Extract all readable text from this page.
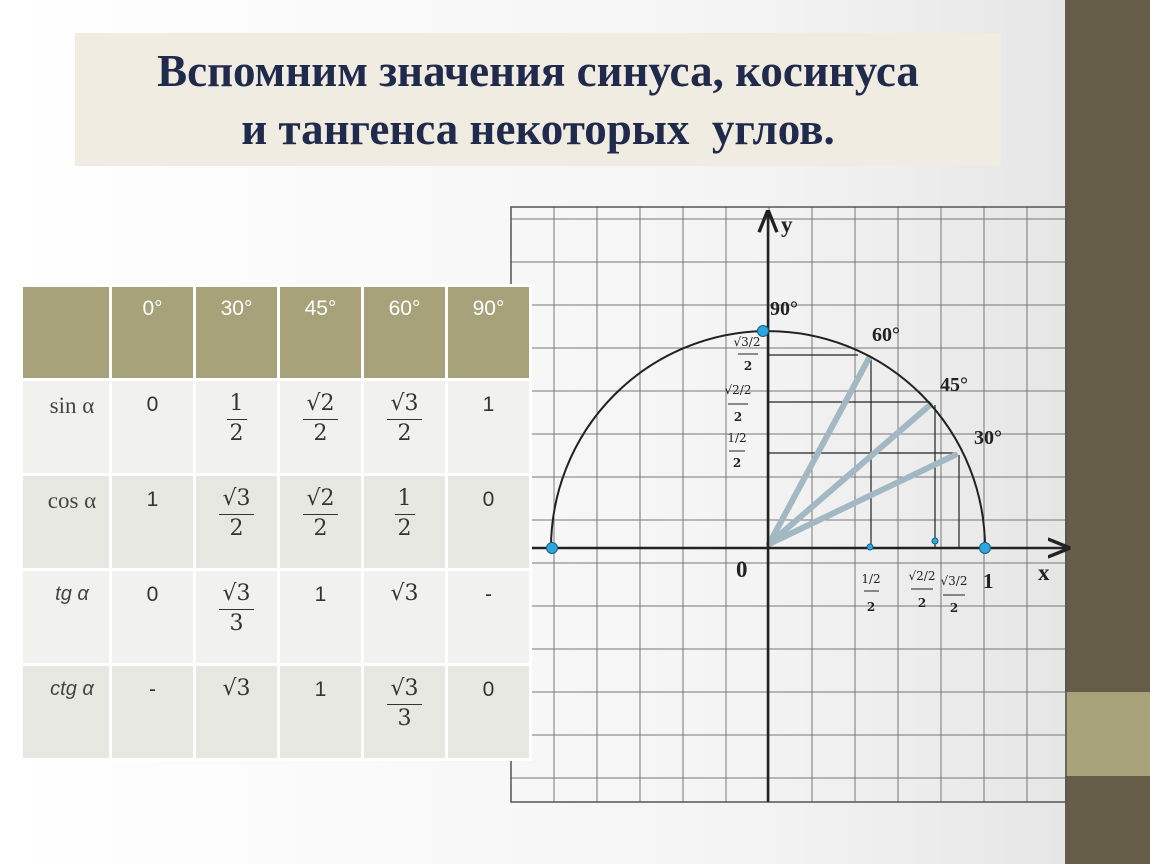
Вспомним значения синуса, косинуса
и тангенса некоторых  углов.
y
x
0	1
90°
60°
45°
30°
√3/2
√2/2
1/2
2
2
2
1/2 √2/2 √3/2
2	2 2

	0°	30°	45°	60°	90°

sin α	0	$\frac{1}{2}$	$\frac{√2}{2}$	$\frac{√3}{2}$	1

cos α	1	$\frac{√3}{2}$	$\frac{√2}{2}$	$\frac{1}{2}$	0

tg α	0	$\frac{√3}{3}$	1	√3	-

ctg α	-	√3	1	$\frac{√3}{3}$	0
